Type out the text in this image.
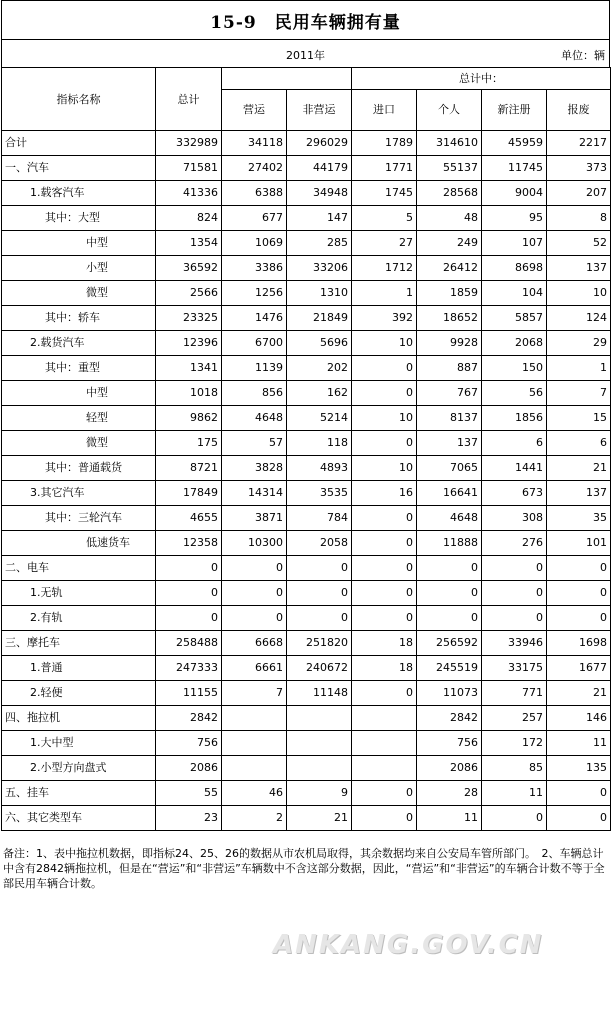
15-9　民用车辆拥有量
2011年	单位：辆
指标名称	总计			总计中：			
		营运	非营运	进口	个人	新注册	报废
合计	332989	34118	296029	1789	314610	45959	2217
一、汽车	71581	27402	44179	1771	55137	11745	373
1.载客汽车	41336	6388	34948	1745	28568	9004	207
其中：大型	824	677	147	5	48	95	8
中型	1354	1069	285	27	249	107	52
小型	36592	3386	33206	1712	26412	8698	137
微型	2566	1256	1310	1	1859	104	10
其中：轿车	23325	1476	21849	392	18652	5857	124
2.载货汽车	12396	6700	5696	10	9928	2068	29
其中：重型	1341	1139	202	0	887	150	1
中型	1018	856	162	0	767	56	7
轻型	9862	4648	5214	10	8137	1856	15
微型	175	57	118	0	137	6	6
其中：普通载货	8721	3828	4893	10	7065	1441	21
3.其它汽车	17849	14314	3535	16	16641	673	137
其中：三轮汽车	4655	3871	784	0	4648	308	35
低速货车	12358	10300	2058	0	11888	276	101
二、电车	0	0	0	0	0	0	0
1.无轨	0	0	0	0	0	0	0
2.有轨	0	0	0	0	0	0	0
三、摩托车	258488	6668	251820	18	256592	33946	1698
1.普通	247333	6661	240672	18	245519	33175	1677
2.轻便	11155	7	11148	0	11073	771	21
四、拖拉机	2842				2842	257	146
1.大中型	756				756	172	11
2.小型方向盘式	2086				2086	85	135
五、挂车	55	46	9	0	28	11	0
六、其它类型车	23	2	21	0	11	0	0
备注：1、表中拖拉机数据，即指标24、25、26的数据从市农机局取得，其余数据均来自公安局车管所部门。　2、车辆总计中含有2842辆拖拉机，但是在“营运”和“非营运”车辆数中不含这部分数据，因此，“营运”和“非营运”的车辆合计数不等于全部民用车辆合计数。
ANKANG.GOV.CN
